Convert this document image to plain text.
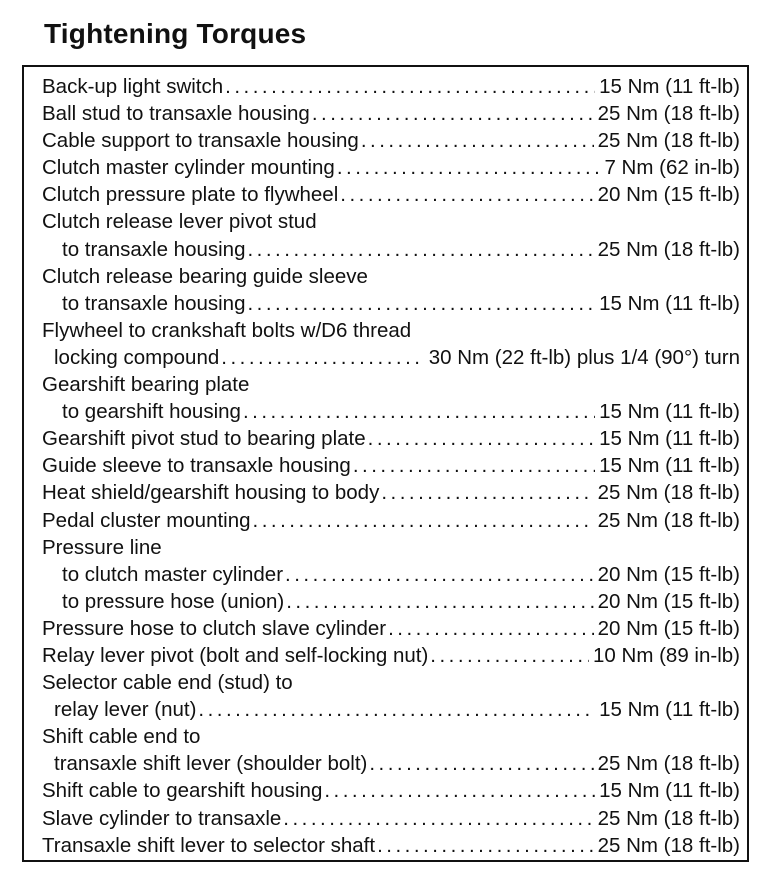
Tightening Torques
Back-up light switch . . .	15 Nm (11 ft-lb)
Ball stud to transaxle housing . . .	25 Nm (18 ft-lb)
Cable support to transaxle housing . . .	25 Nm (18 ft-lb)
Clutch master cylinder mounting . . .	7 Nm (62 in-lb)
Clutch pressure plate to flywheel . . .	20 Nm (15 ft-lb)
Clutch release lever pivot stud
to transaxle housing . . .	25 Nm (18 ft-lb)
Clutch release bearing guide sleeve
to transaxle housing . . .	15 Nm (11 ft-lb)
Flywheel to crankshaft bolts w/D6 thread
locking compound . . .	30 Nm (22 ft-lb) plus 1/4 (90°) turn
Gearshift bearing plate
to gearshift housing . . .	15 Nm (11 ft-lb)
Gearshift pivot stud to bearing plate . . .	15 Nm (11 ft-lb)
Guide sleeve to transaxle housing . . .	15 Nm (11 ft-lb)
Heat shield/gearshift housing to body . . .	25 Nm (18 ft-lb)
Pedal cluster mounting . . .	25 Nm (18 ft-lb)
Pressure line
to clutch master cylinder . . .	20 Nm (15 ft-lb)
to pressure hose (union) . . .	20 Nm (15 ft-lb)
Pressure hose to clutch slave cylinder . . .	20 Nm (15 ft-lb)
Relay lever pivot (bolt and self-locking nut) . . .	10 Nm (89 in-lb)
Selector cable end (stud) to
relay lever (nut) . . .	15 Nm (11 ft-lb)
Shift cable end to
transaxle shift lever (shoulder bolt) . . .	25 Nm (18 ft-lb)
Shift cable to gearshift housing . . .	15 Nm (11 ft-lb)
Slave cylinder to transaxle . . .	25 Nm (18 ft-lb)
Transaxle shift lever to selector shaft . . .	25 Nm (18 ft-lb)
